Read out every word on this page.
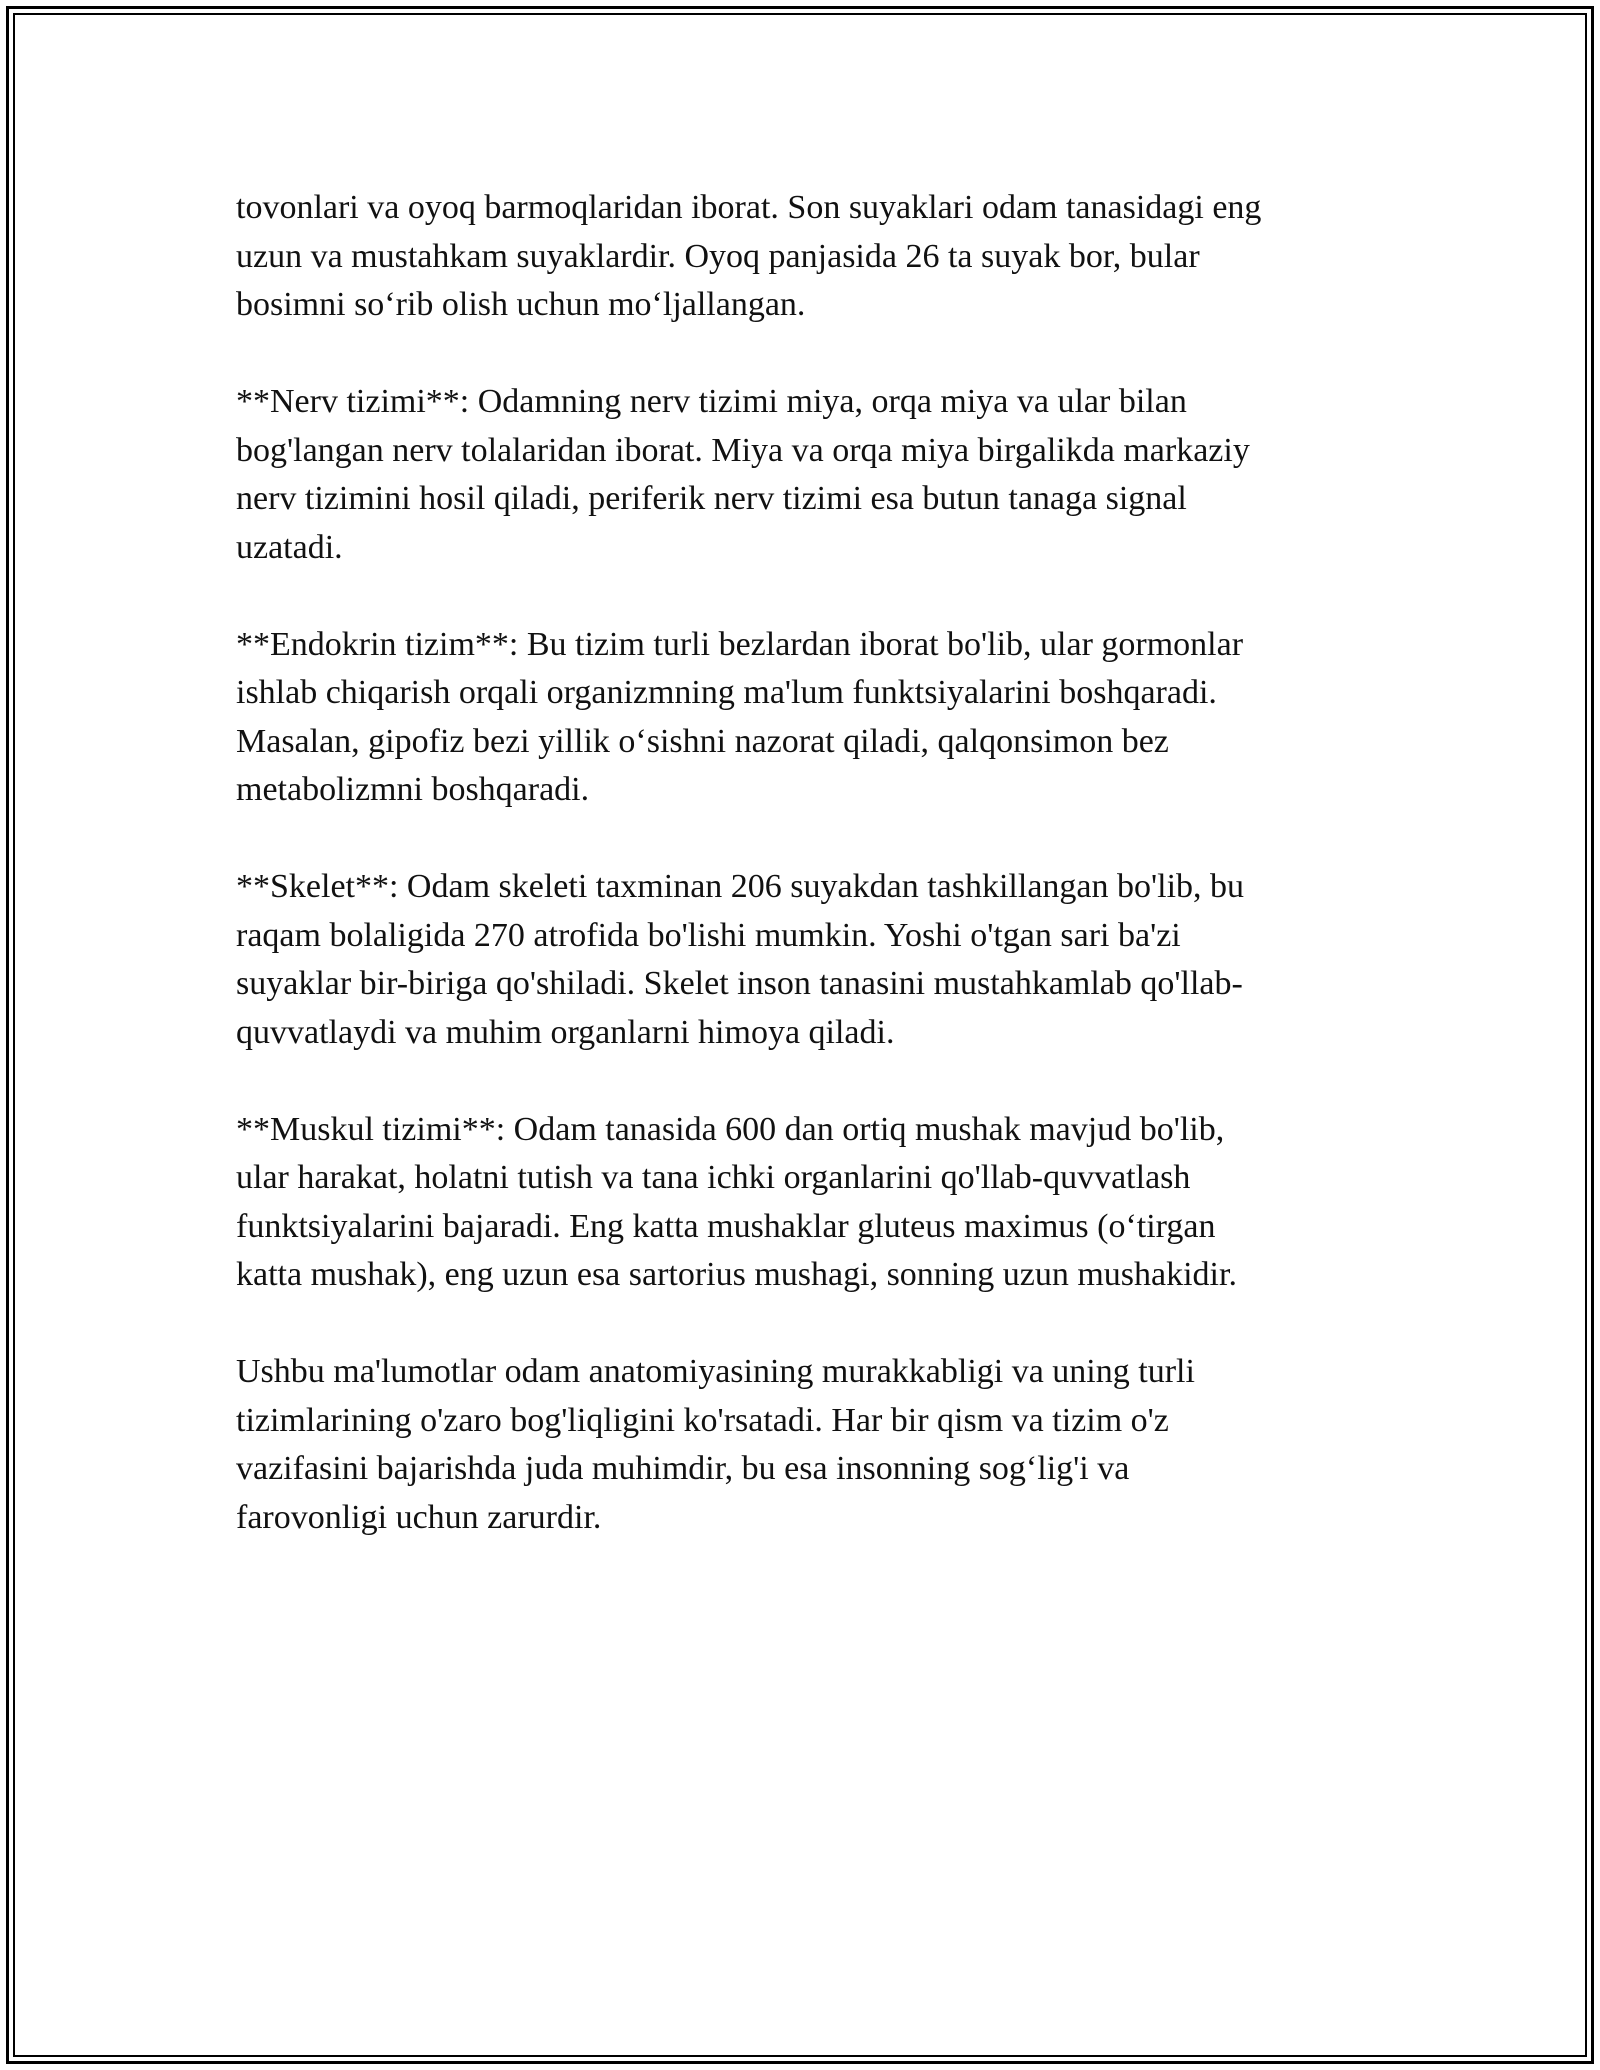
tovonlari va oyoq barmoqlaridan iborat. Son suyaklari odam tanasidagi eng
uzun va mustahkam suyaklardir. Oyoq panjasida 26 ta suyak bor, bular
bosimni so‘rib olish uchun mo‘ljallangan.

**Nerv tizimi**: Odamning nerv tizimi miya, orqa miya va ular bilan
bog'langan nerv tolalaridan iborat. Miya va orqa miya birgalikda markaziy
nerv tizimini hosil qiladi, periferik nerv tizimi esa butun tanaga signal
uzatadi.

**Endokrin tizim**: Bu tizim turli bezlardan iborat bo'lib, ular gormonlar
ishlab chiqarish orqali organizmning ma'lum funktsiyalarini boshqaradi.
Masalan, gipofiz bezi yillik o‘sishni nazorat qiladi, qalqonsimon bez
metabolizmni boshqaradi.

**Skelet**: Odam skeleti taxminan 206 suyakdan tashkillangan bo'lib, bu
raqam bolaligida 270 atrofida bo'lishi mumkin. Yoshi o'tgan sari ba'zi
suyaklar bir-biriga qo'shiladi. Skelet inson tanasini mustahkamlab qo'llab-
quvvatlaydi va muhim organlarni himoya qiladi.

**Muskul tizimi**: Odam tanasida 600 dan ortiq mushak mavjud bo'lib,
ular harakat, holatni tutish va tana ichki organlarini qo'llab-quvvatlash
funktsiyalarini bajaradi. Eng katta mushaklar gluteus maximus (o‘tirgan
katta mushak), eng uzun esa sartorius mushagi, sonning uzun mushakidir.

Ushbu ma'lumotlar odam anatomiyasining murakkabligi va uning turli
tizimlarining o'zaro bog'liqligini ko'rsatadi. Har bir qism va tizim o'z
vazifasini bajarishda juda muhimdir, bu esa insonning sog‘lig'i va
farovonligi uchun zarurdir.
